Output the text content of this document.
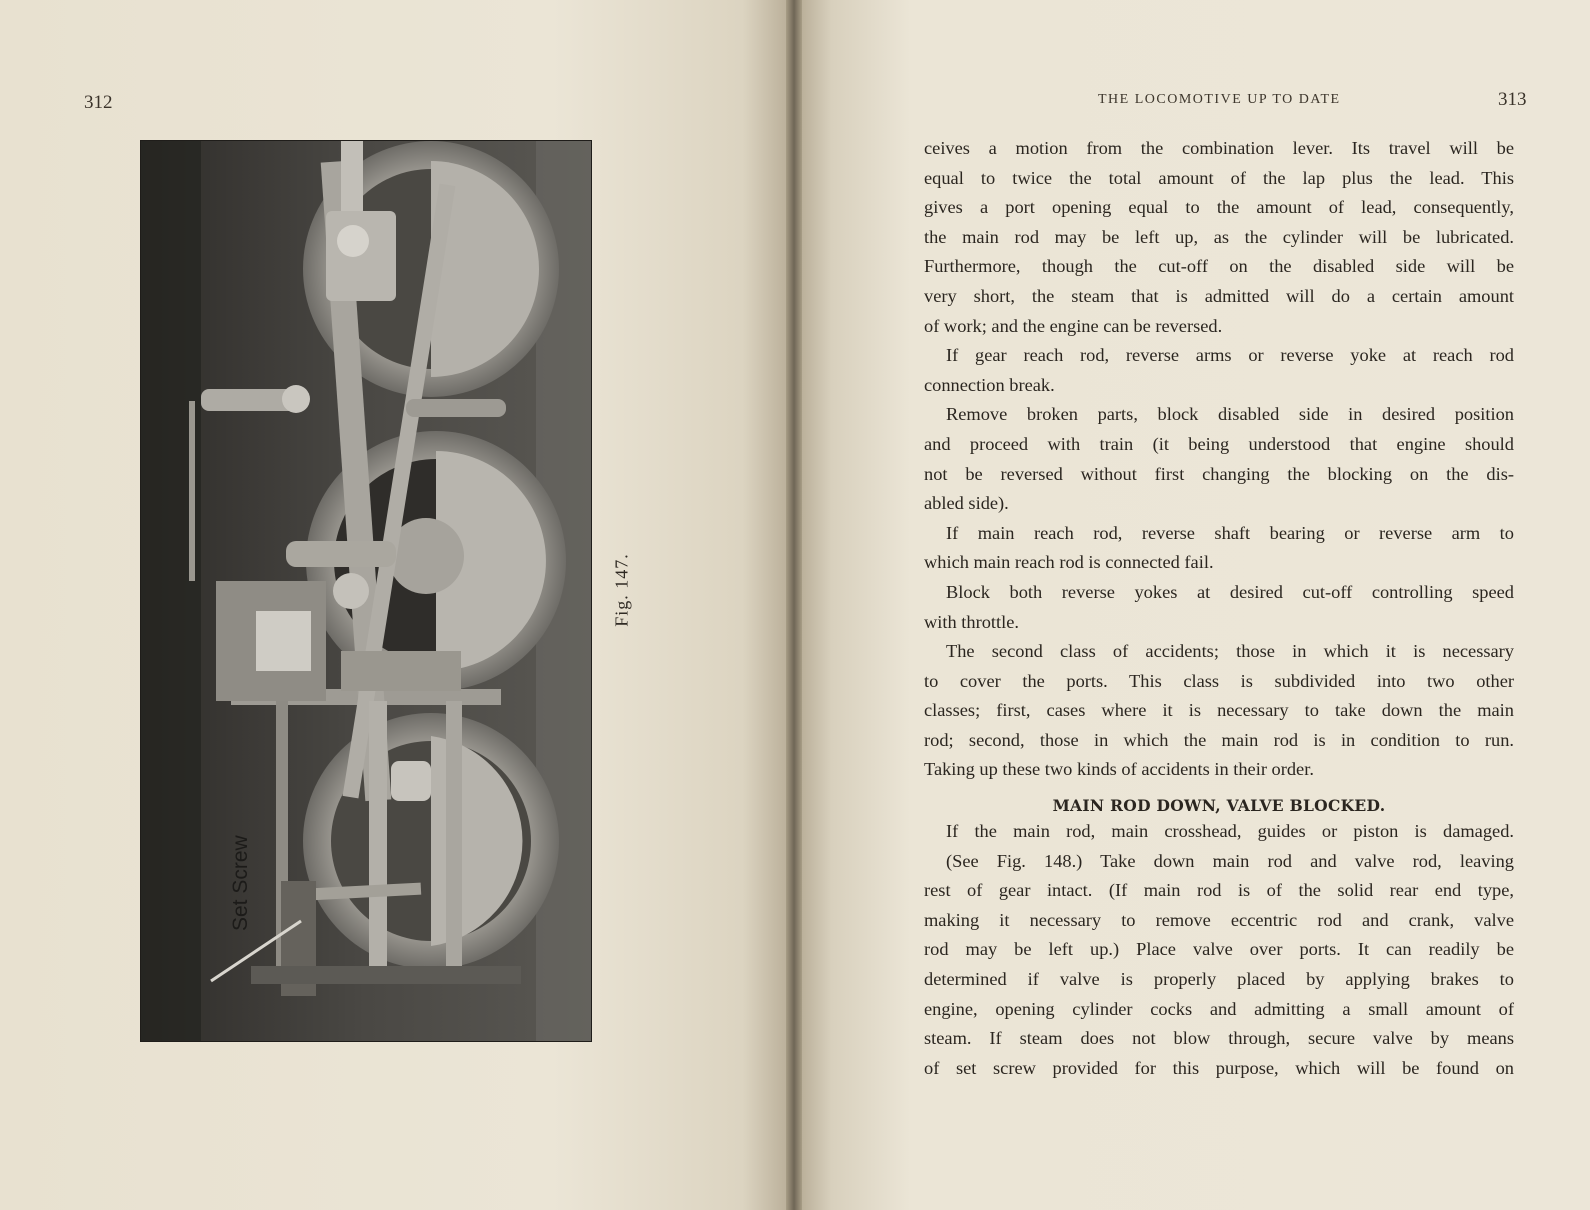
312
Set Screw
Fig. 147.
THE LOCOMOTIVE UP TO DATE	313
ceives a motion from the combination lever. Its travel will be
equal to twice the total amount of the lap plus the lead. This
gives a port opening equal to the amount of lead, consequently,
the main rod may be left up, as the cylinder will be lubricated.
Furthermore, though the cut-off on the disabled side will be
very short, the steam that is admitted will do a certain amount
of work; and the engine can be reversed.
If gear reach rod, reverse arms or reverse yoke at reach rod
connection break.
Remove broken parts, block disabled side in desired position
and proceed with train (it being understood that engine should
not be reversed without first changing the blocking on the dis-
abled side).
If main reach rod, reverse shaft bearing or reverse arm to
which main reach rod is connected fail.
Block both reverse yokes at desired cut-off controlling speed
with throttle.
The second class of accidents; those in which it is necessary
to cover the ports. This class is subdivided into two other
classes; first, cases where it is necessary to take down the main
rod; second, those in which the main rod is in condition to run.
Taking up these two kinds of accidents in their order.
MAIN ROD DOWN, VALVE BLOCKED.
If the main rod, main crosshead, guides or piston is damaged.
(See Fig. 148.) Take down main rod and valve rod, leaving
rest of gear intact. (If main rod is of the solid rear end type,
making it necessary to remove eccentric rod and crank, valve
rod may be left up.) Place valve over ports. It can readily be
determined if valve is properly placed by applying brakes to
engine, opening cylinder cocks and admitting a small amount of
steam. If steam does not blow through, secure valve by means
of set screw provided for this purpose, which will be found on
